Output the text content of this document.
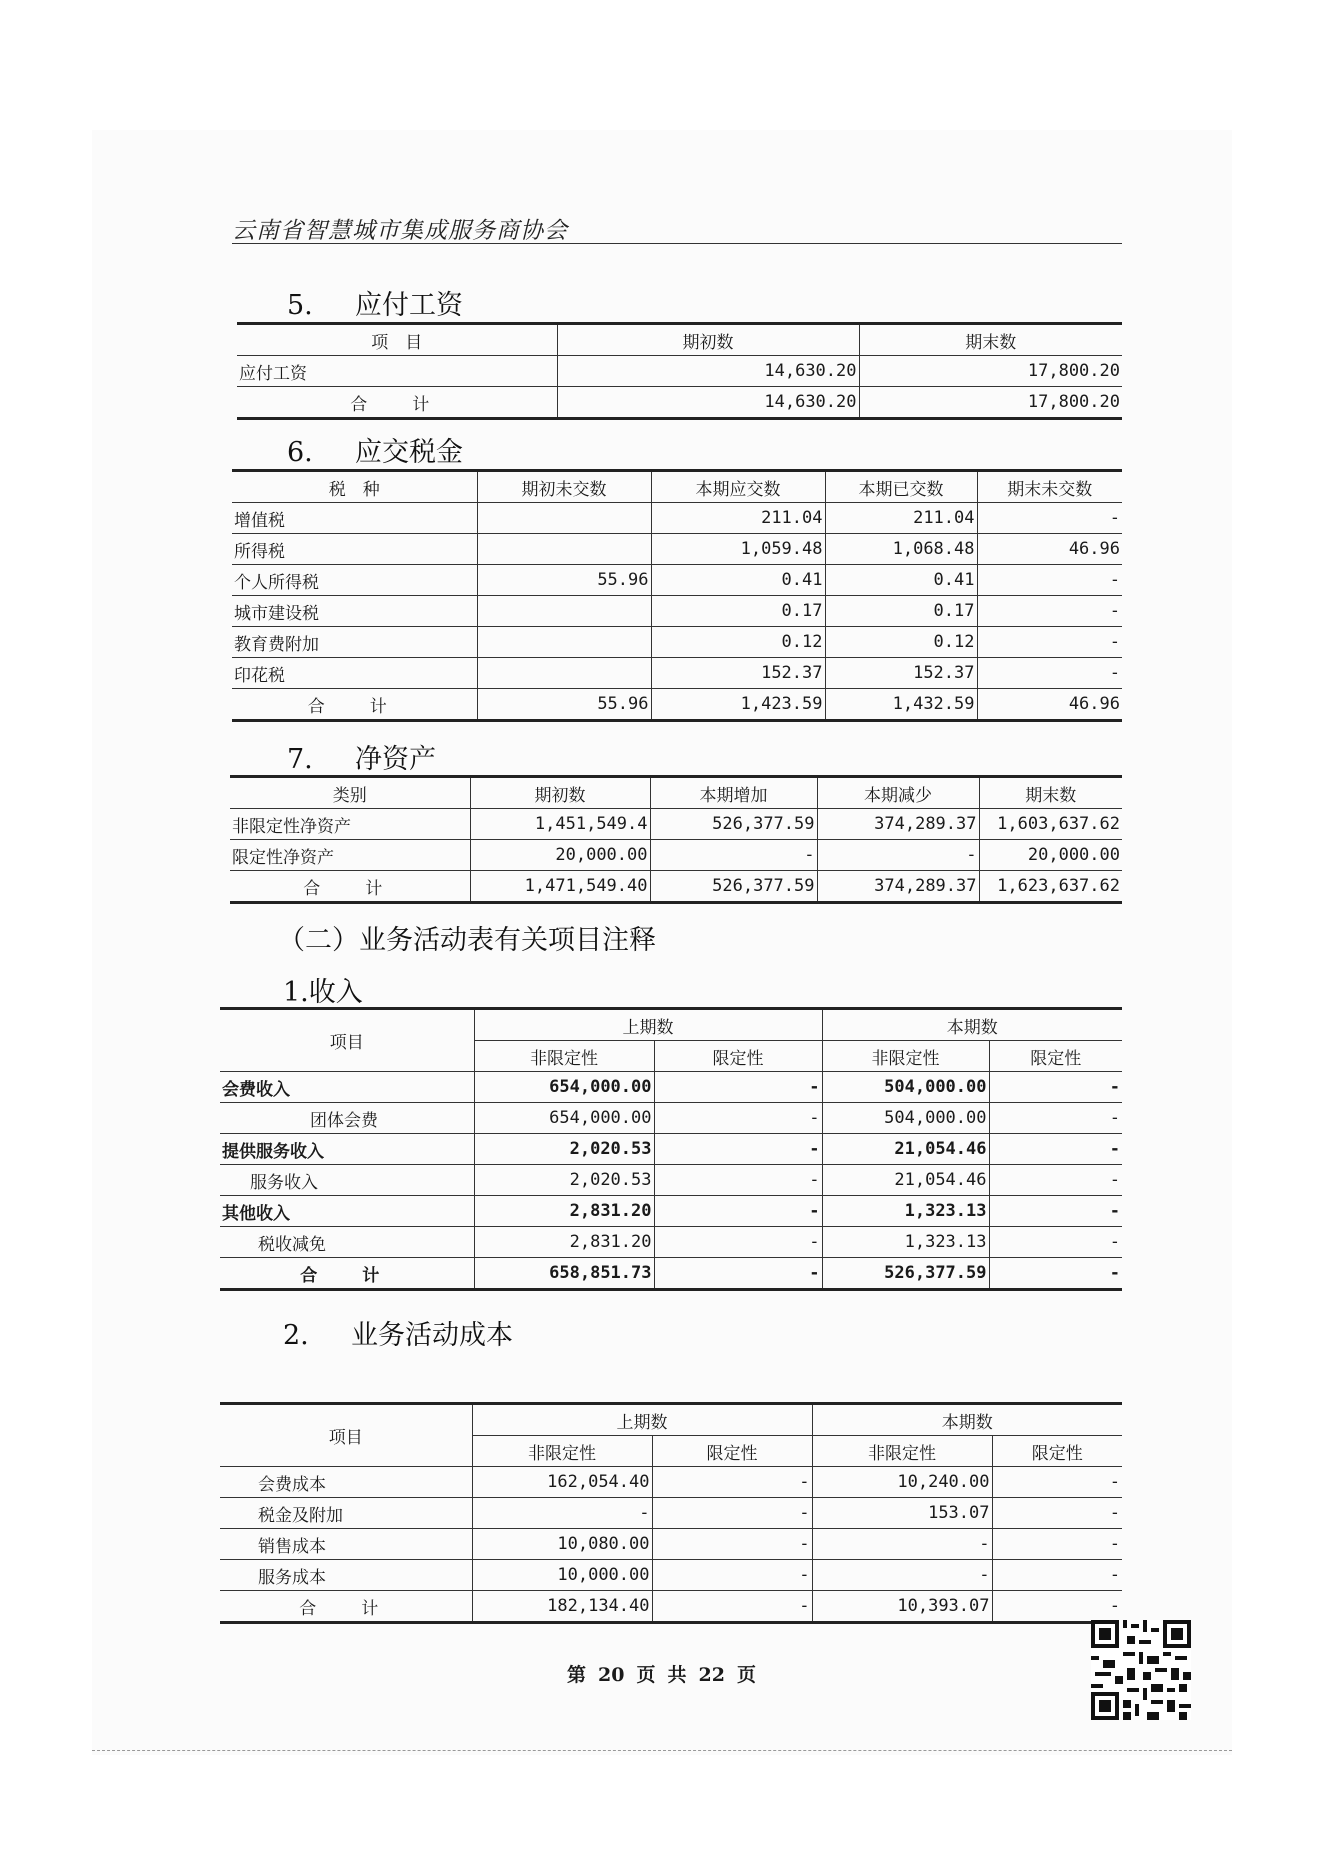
云南省智慧城市集成服务商协会
5. 应付工资
项　目	期初数	期末数
应付工资	14,630.20	17,800.20
合　计	14,630.20	17,800.20
6. 应交税金
税　种	期初未交数	本期应交数	本期已交数	期末未交数
增值税		211.04	211.04	-
所得税		1,059.48	1,068.48	46.96
个人所得税	55.96	0.41	0.41	-
城市建设税		0.17	0.17	-
教育费附加		0.12	0.12	-
印花税		152.37	152.37	-
合　计	55.96	1,423.59	1,432.59	46.96
7. 净资产
类别	期初数	本期增加	本期减少	期末数
非限定性净资产	1,451,549.4	526,377.59	374,289.37	1,603,637.62
限定性净资产	20,000.00	-	-	20,000.00
合　计	1,471,549.40	526,377.59	374,289.37	1,623,637.62
（二）业务活动表有关项目注释
1.收入
项目	上期数		本期数	
	非限定性	限定性	非限定性	限定性
会费收入	654,000.00	-	504,000.00	-
团体会费	654,000.00	-	504,000.00	-
提供服务收入	2,020.53	-	21,054.46	-
服务收入	2,020.53	-	21,054.46	-
其他收入	2,831.20	-	1,323.13	-
税收减免	2,831.20	-	1,323.13	-
合　计	658,851.73	-	526,377.59	-
2. 业务活动成本
项目	上期数		本期数	
	非限定性	限定性	非限定性	限定性
会费成本	162,054.40	-	10,240.00	-
税金及附加	-	-	153.07	-
销售成本	10,080.00	-	-	-
服务成本	10,000.00	-	-	-
合　计	182,134.40	-	10,393.07	-
第 20 页 共 22 页
